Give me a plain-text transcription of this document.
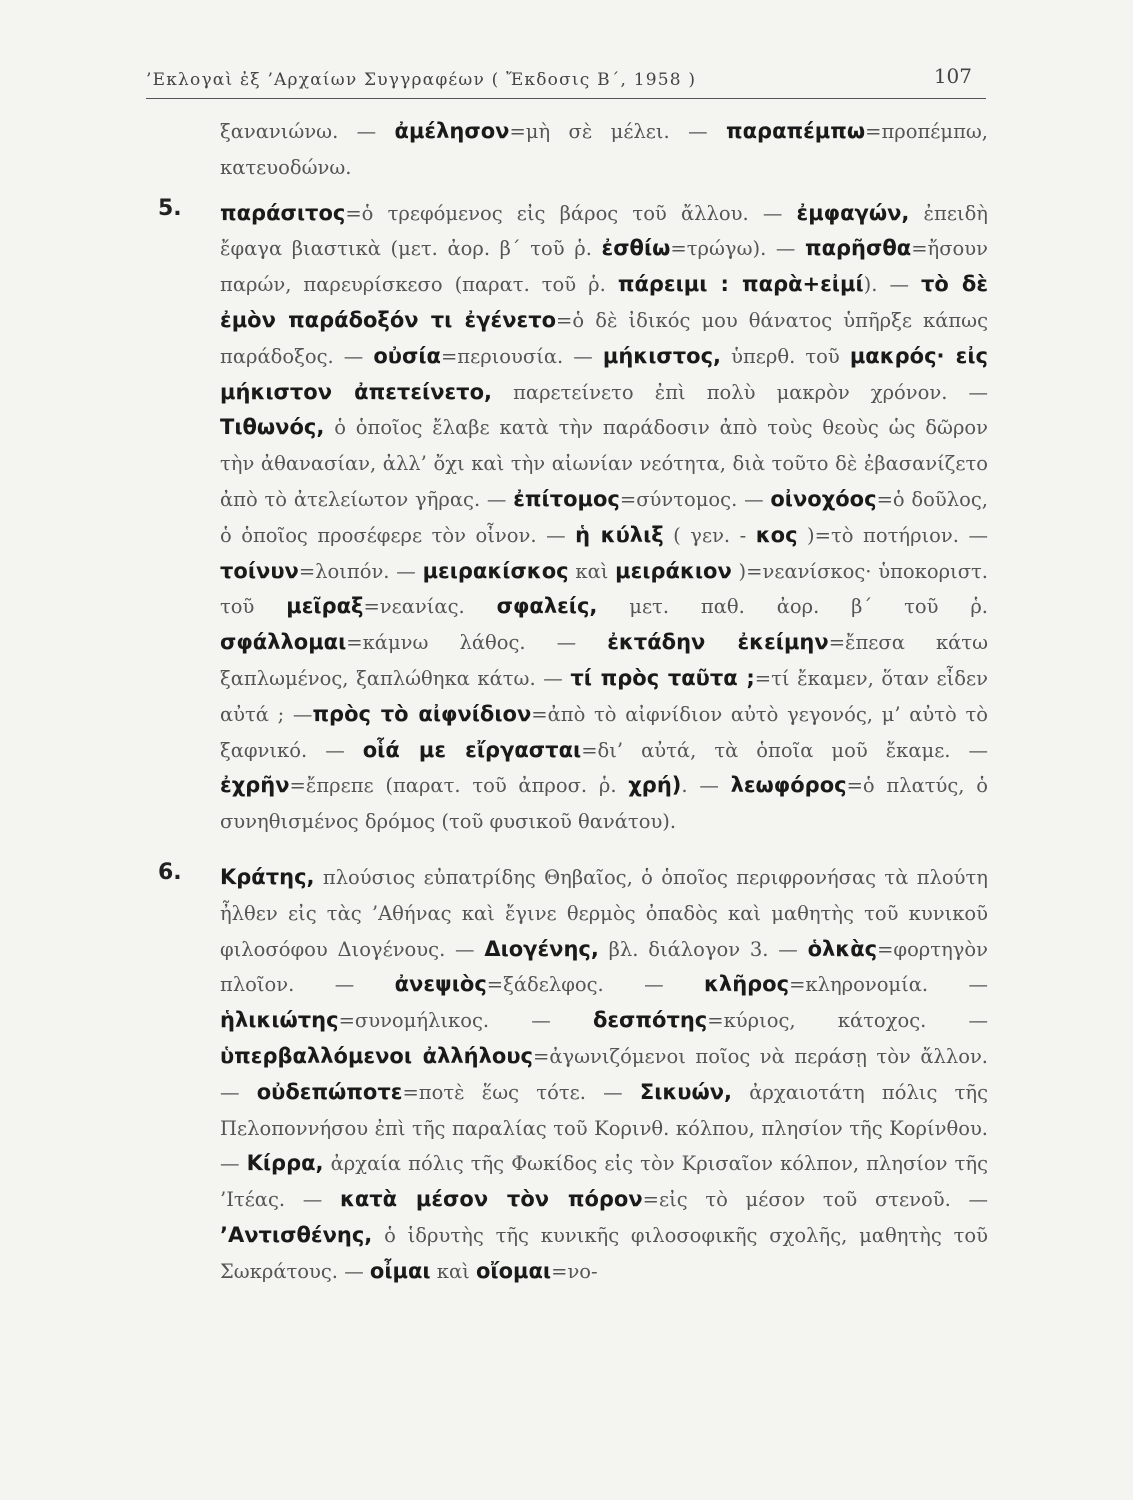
’Εκλογαὶ ἐξ ’Αρχαίων Συγγραφέων ( Ἔκδοσις Β΄, 1958 )	107
ξανανιώνω. — ἀμέλησον=μὴ σὲ μέλει. — παραπέμπω=προπέμπω, κατευοδώνω.
5. παράσιτος=ὁ τρεφόμενος εἰς βάρος τοῦ ἄλλου. — ἐμφαγών, ἐπειδὴ ἔφαγα βιαστικὰ (μετ. ἀορ. β΄ τοῦ ῥ. ἐσθίω=τρώγω). — παρῆσθα=ἤσουν παρών, παρευρίσκεσο (παρατ. τοῦ ῥ. πάρειμι : παρὰ+εἰμί). — τὸ δὲ ἐμὸν παράδοξόν τι ἐγένετο=ὁ δὲ ἰδικός μου θάνατος ὑπῆρξε κάπως παράδοξος. — οὐσία=περιουσία. — μήκιστος, ὑπερθ. τοῦ μακρός· εἰς μήκιστον ἀπετείνετο, παρετείνετο ἐπὶ πολὺ μακρὸν χρόνον. — Τιθωνός, ὁ ὁποῖος ἔλαβε κατὰ τὴν παράδοσιν ἀπὸ τοὺς θεοὺς ὡς δῶρον τὴν ἀθανασίαν, ἀλλ’ ὄχι καὶ τὴν αἰωνίαν νεότητα, διὰ τοῦτο δὲ ἐβασανίζετο ἀπὸ τὸ ἀτελείωτον γῆρας. — ἐπίτομος=σύντομος. — οἰνοχόος=ὁ δοῦλος, ὁ ὁποῖος προσέφερε τὸν οἶνον. — ἡ κύλιξ ( γεν. - κος )=τὸ ποτήριον. — τοίνυν=λοιπόν. — μειρακίσκος καὶ μειράκιον )=νεανίσκος· ὑποκοριστ. τοῦ μεῖραξ=νεανίας. σφαλείς, μετ. παθ. ἀορ. β΄ τοῦ ῥ. σφάλλομαι=κάμνω λάθος. — ἐκτάδην ἐκείμην=ἔπεσα κάτω ξαπλωμένος, ξαπλώθηκα κάτω. — τί πρὸς ταῦτα ;=τί ἔκαμεν, ὅταν εἶδεν αὐτά ; —πρὸς τὸ αἰφνίδιον=ἀπὸ τὸ αἰφνίδιον αὐτὸ γεγονός, μ’ αὐτὸ τὸ ξαφνικό. — οἷά με εἴργασται=δι’ αὐτά, τὰ ὁποῖα μοῦ ἔκαμε. — ἐχρῆν=ἔπρεπε (παρατ. τοῦ ἀπροσ. ῥ. χρή). — λεωφόρος=ὁ πλατύς, ὁ συνηθισμένος δρόμος (τοῦ φυσικοῦ θανάτου).
6. Κράτης, πλούσιος εὐπατρίδης Θηβαῖος, ὁ ὁποῖος περιφρονήσας τὰ πλούτη ἦλθεν εἰς τὰς ’Αθήνας καὶ ἔγινε θερμὸς ὀπαδὸς καὶ μαθητὴς τοῦ κυνικοῦ φιλοσόφου Διογένους. — Διογένης, βλ. διάλογον 3. — ὁλκὰς=φορτηγὸν πλοῖον. — ἀνεψιὸς=ξάδελφος. — κλῆρος=κληρονομία. — ἡλικιώτης=συνομήλικος. — δεσπότης=κύριος, κάτοχος. — ὑπερβαλλόμενοι ἀλλήλους=ἀγωνιζόμενοι ποῖος νὰ περάσῃ τὸν ἄλλον. — οὐδεπώποτε=ποτὲ ἕως τότε. — Σικυών, ἀρχαιοτάτη πόλις τῆς Πελοποννήσου ἐπὶ τῆς παραλίας τοῦ Κορινθ. κόλπου, πλησίον τῆς Κορίνθου. — Κίρρα, ἀρχαία πόλις τῆς Φωκίδος εἰς τὸν Κρισαῖον κόλπον, πλησίον τῆς ’Ιτέας. — κατὰ μέσον τὸν πόρον=εἰς τὸ μέσον τοῦ στενοῦ. — ’Αντισθένης, ὁ ἱδρυτὴς τῆς κυνικῆς φιλοσοφικῆς σχολῆς, μαθητὴς τοῦ Σωκράτους. — οἶμαι καὶ οἴομαι=νο-
